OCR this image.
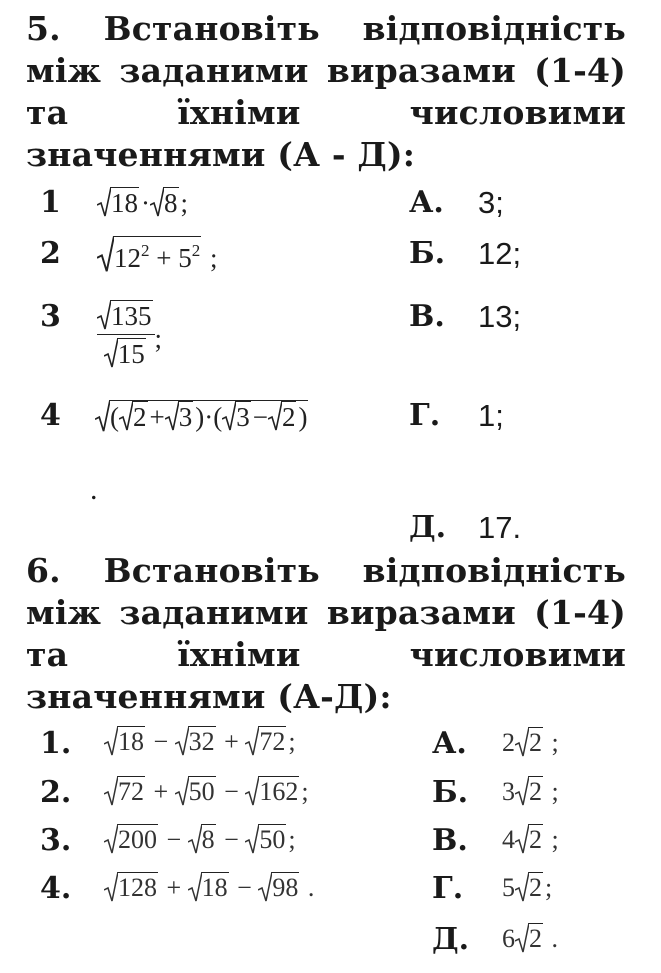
5. Встановіть відповідність
між заданими виразами (1-4)
та їхніми числовими
значеннями (А - Д):
1	18 · 8 ;
2	$12^2 + 5^2$ ;
$3 \frac{135}{15}$ ;
4	( 2 + 3 )·( 3 − 2 )
.
А. 3;
Б. 12;
В. 13;
Г. 1;
Д. 17.
6. Встановіть відповідність
між заданими виразами (1-4)
та їхніми числовими
значеннями (А-Д):
1.	18 − 32 + 72 ;
2.	72 + 50 − 162 ;
3.	200 − 8 − 50 ;
4.	128 + 18 − 98 .
А. 2 2 ;
Б. 3 2 ;
В. 4 2 ;
Г. 5 2 ;
Д. 6 2 .
